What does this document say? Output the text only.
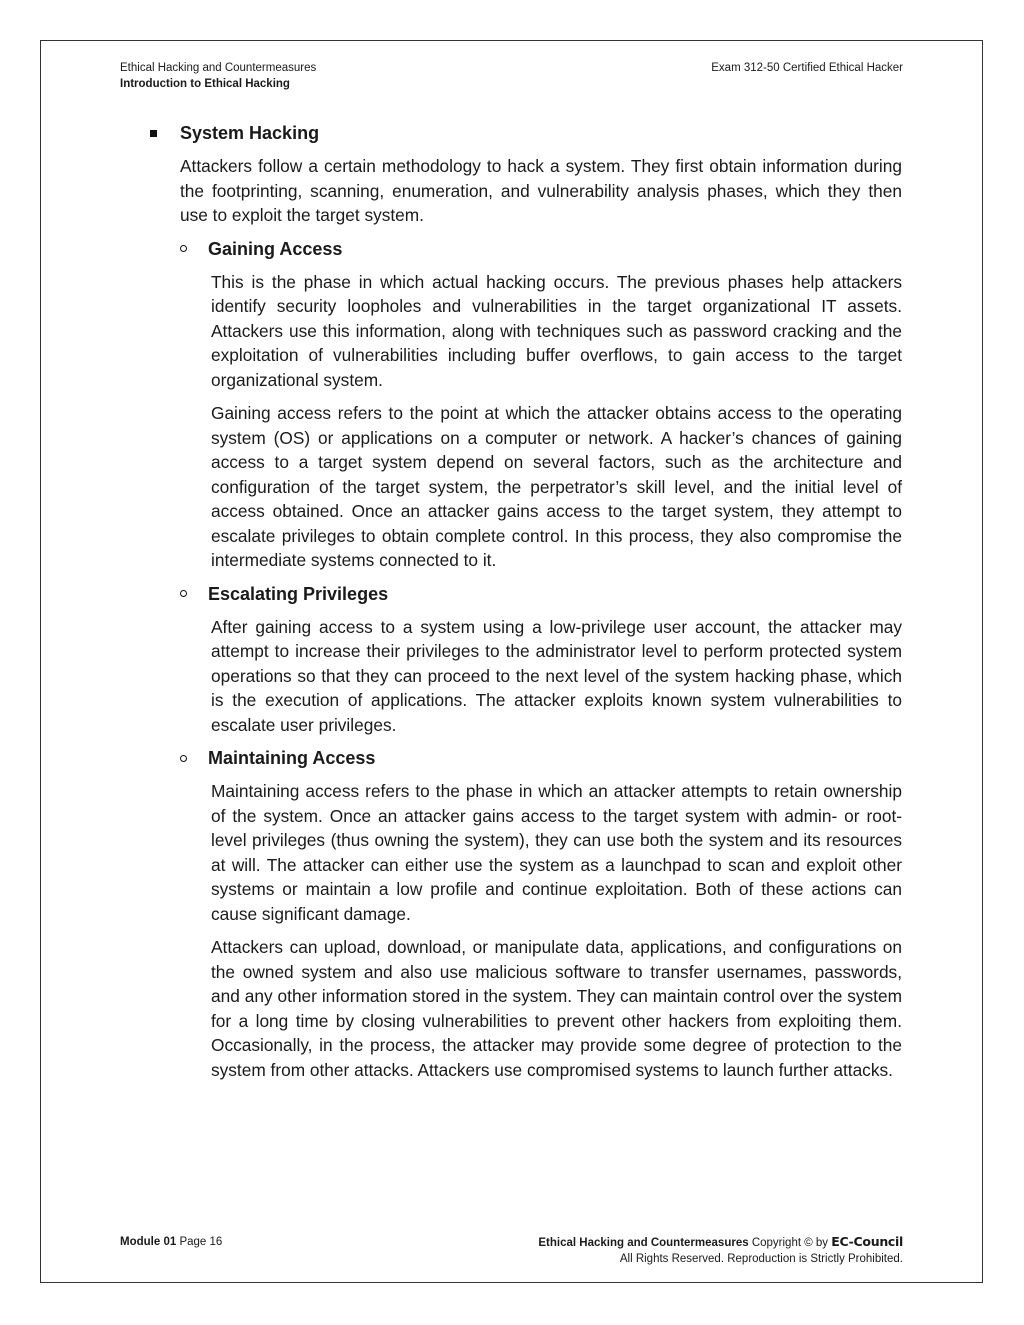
Ethical Hacking and Countermeasures
Introduction to Ethical Hacking
Exam 312-50 Certified Ethical Hacker
System Hacking
Attackers follow a certain methodology to hack a system. They first obtain information during the footprinting, scanning, enumeration, and vulnerability analysis phases, which they then use to exploit the target system.
Gaining Access
This is the phase in which actual hacking occurs. The previous phases help attackers identify security loopholes and vulnerabilities in the target organizational IT assets. Attackers use this information, along with techniques such as password cracking and the exploitation of vulnerabilities including buffer overflows, to gain access to the target organizational system.
Gaining access refers to the point at which the attacker obtains access to the operating system (OS) or applications on a computer or network. A hacker’s chances of gaining access to a target system depend on several factors, such as the architecture and configuration of the target system, the perpetrator’s skill level, and the initial level of access obtained. Once an attacker gains access to the target system, they attempt to escalate privileges to obtain complete control. In this process, they also compromise the intermediate systems connected to it.
Escalating Privileges
After gaining access to a system using a low-privilege user account, the attacker may attempt to increase their privileges to the administrator level to perform protected system operations so that they can proceed to the next level of the system hacking phase, which is the execution of applications. The attacker exploits known system vulnerabilities to escalate user privileges.
Maintaining Access
Maintaining access refers to the phase in which an attacker attempts to retain ownership of the system. Once an attacker gains access to the target system with admin- or root-level privileges (thus owning the system), they can use both the system and its resources at will. The attacker can either use the system as a launchpad to scan and exploit other systems or maintain a low profile and continue exploitation. Both of these actions can cause significant damage.
Attackers can upload, download, or manipulate data, applications, and configurations on the owned system and also use malicious software to transfer usernames, passwords, and any other information stored in the system. They can maintain control over the system for a long time by closing vulnerabilities to prevent other hackers from exploiting them. Occasionally, in the process, the attacker may provide some degree of protection to the system from other attacks. Attackers use compromised systems to launch further attacks.
Module 01 Page 16	Ethical Hacking and Countermeasures Copyright © by EC-Council
All Rights Reserved. Reproduction is Strictly Prohibited.
